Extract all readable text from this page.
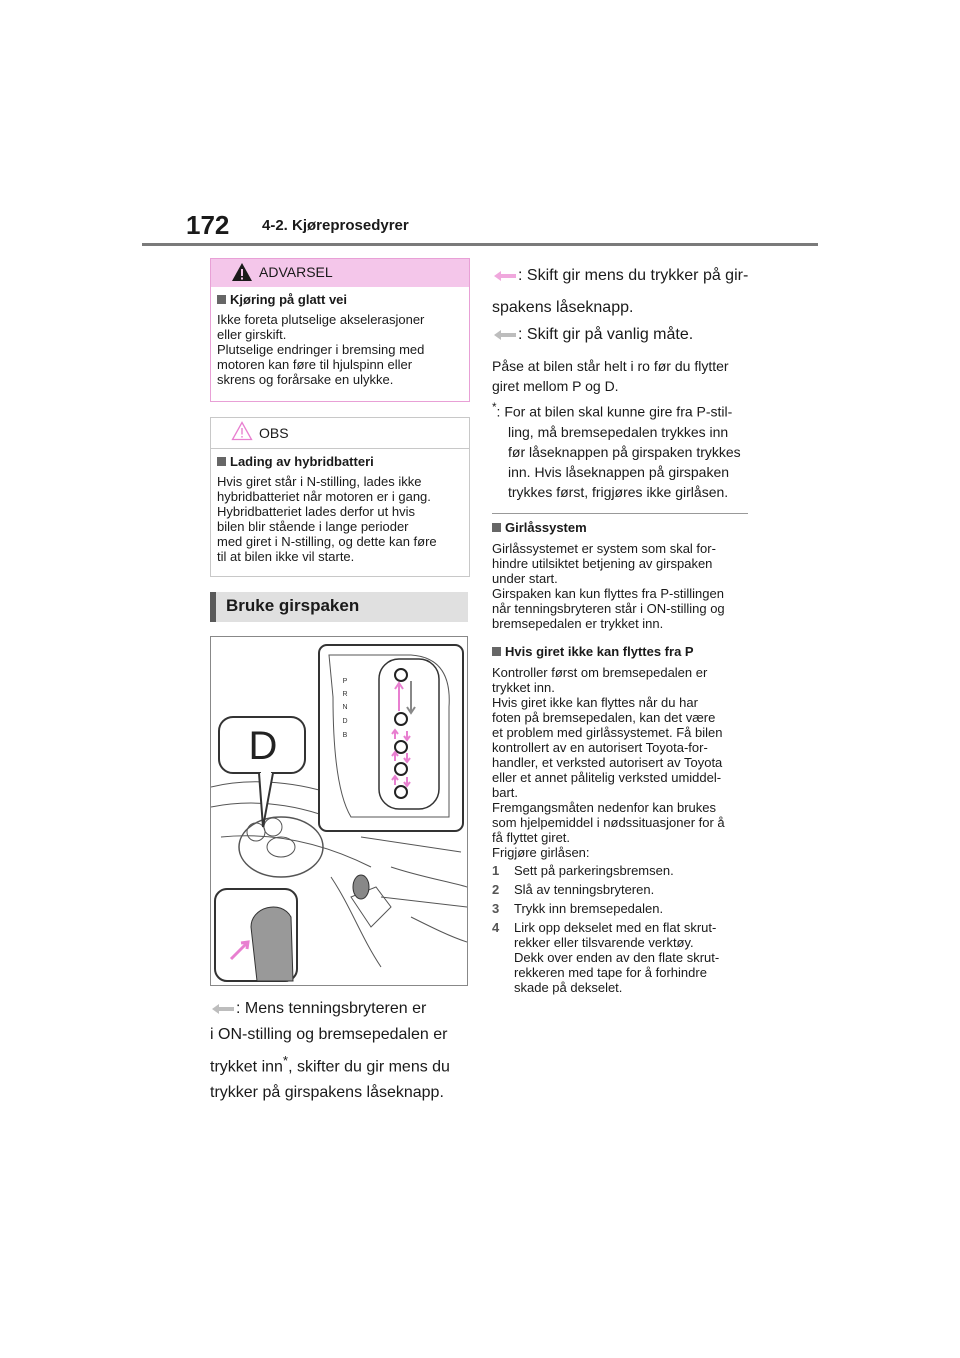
172 4-2. Kjøreprosedyrer
ADVARSEL
Kjøring på glatt vei
Ikke foreta plutselige akselerasjoner
eller girskift.
Plutselige endringer i bremsing med
motoren kan føre til hjulspinn eller
skrens og forårsake en ulykke.
OBS
Lading av hybridbatteri
Hvis giret står i N-stilling, lades ikke
hybridbatteriet når motoren er i gang.
Hybridbatteriet lades derfor ut hvis
bilen blir stående i lange perioder
med giret i N-stilling, og dette kan føre
til at bilen ikke vil starte.
Bruke girspaken
D
P
R
N
D
B
: Mens tenningsbryteren er
i ON-stilling og bremsepedalen er
trykket inn*, skifter du gir mens du
trykker på girspakens låseknapp.
: Skift gir mens du trykker på gir-
spakens låseknapp.
: Skift gir på vanlig måte.
Påse at bilen står helt i ro før du flytter
giret mellom P og D.
*: For at bilen skal kunne gire fra P-stil-
ling, må bremsepedalen trykkes inn
før låseknappen på girspaken trykkes
inn. Hvis låseknappen på girspaken
trykkes først, frigjøres ikke girlåsen.
Girlåssystem
Girlåssystemet er system som skal for-
hindre utilsiktet betjening av girspaken
under start.
Girspaken kan kun flyttes fra P-stillingen
når tenningsbryteren står i ON-stilling og
bremsepedalen er trykket inn.
Hvis giret ikke kan flyttes fra P
Kontroller først om bremsepedalen er
trykket inn.
Hvis giret ikke kan flyttes når du har
foten på bremsepedalen, kan det være
et problem med girlåssystemet. Få bilen
kontrollert av en autorisert Toyota-for-
handler, et verksted autorisert av Toyota
eller et annet pålitelig verksted umiddel-
bart.
Fremgangsmåten nedenfor kan brukes
som hjelpemiddel i nødssituasjoner for å
få flyttet giret.
Frigjøre girlåsen:
1 Sett på parkeringsbremsen.
2 Slå av tenningsbryteren.
3 Trykk inn bremsepedalen.
4 Lirk opp dekselet med en flat skrut-
rekker eller tilsvarende verktøy.
Dekk over enden av den flate skrut-
rekkeren med tape for å forhindre
skade på dekselet.
